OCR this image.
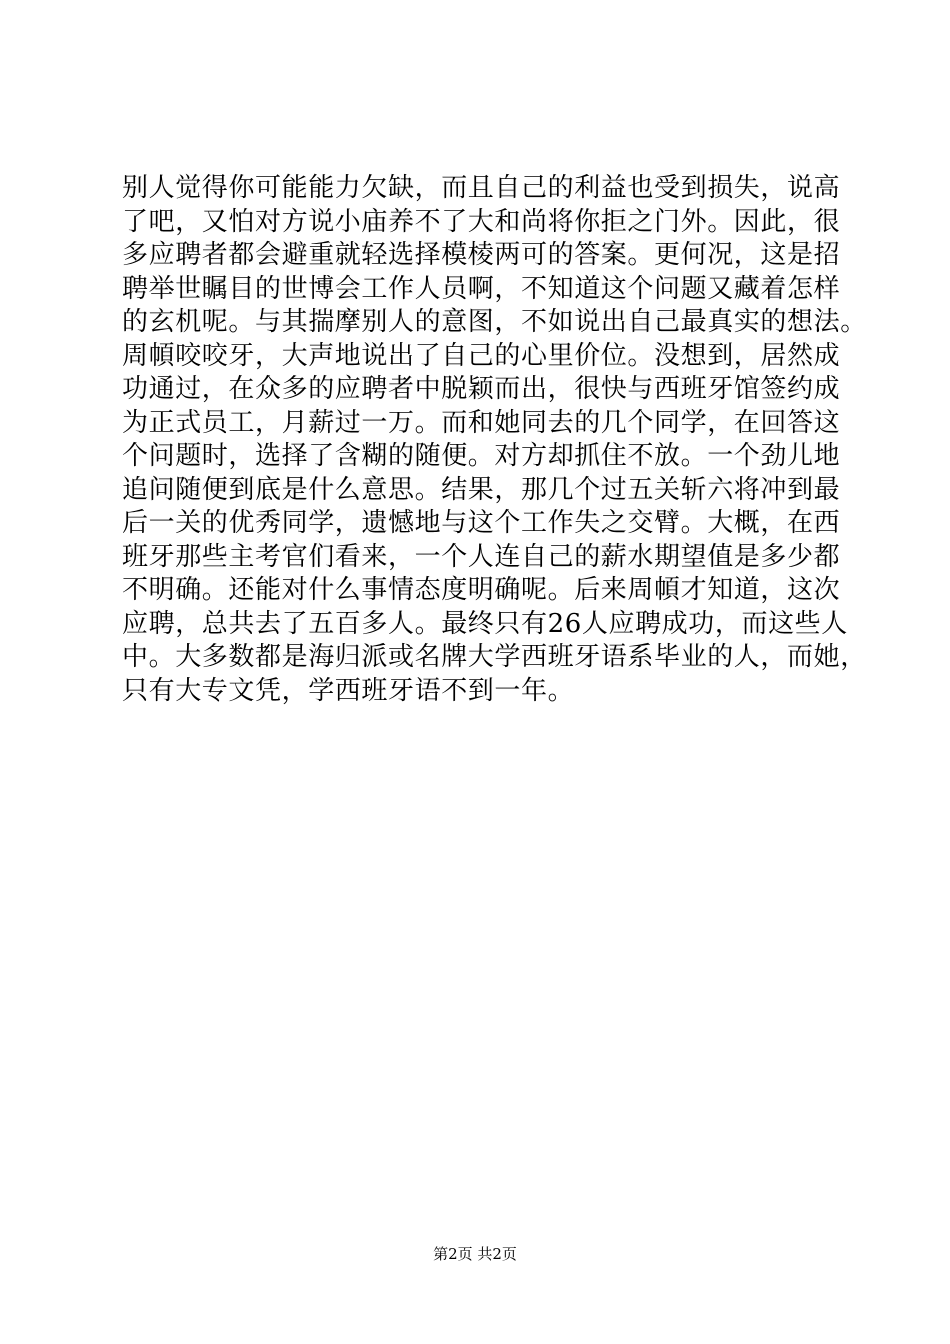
别人觉得你可能能力欠缺，而且自己的利益也受到损失，说高
了吧，又怕对方说小庙养不了大和尚将你拒之门外。因此，很
多应聘者都会避重就轻选择模棱两可的答案。更何况，这是招
聘举世瞩目的世博会工作人员啊，不知道这个问题又藏着怎样
的玄机呢。与其揣摩别人的意图，不如说出自己最真实的想法。
周幁咬咬牙，大声地说出了自己的心里价位。没想到，居然成
功通过，在众多的应聘者中脱颖而出，很快与西班牙馆签约成
为正式员工，月薪过一万。而和她同去的几个同学，在回答这
个问题时，选择了含糊的随便。对方却抓住不放。一个劲儿地
追问随便到底是什么意思。结果，那几个过五关斩六将冲到最
后一关的优秀同学，遗憾地与这个工作失之交臂。大概，在西
班牙那些主考官们看来，一个人连自己的薪水期望值是多少都
不明确。还能对什么事情态度明确呢。后来周幁才知道，这次
应聘，总共去了五百多人。最终只有26人应聘成功，而这些人
中。大多数都是海归派或名牌大学西班牙语系毕业的人，而她，
只有大专文凭，学西班牙语不到一年。
第2页 共2页
